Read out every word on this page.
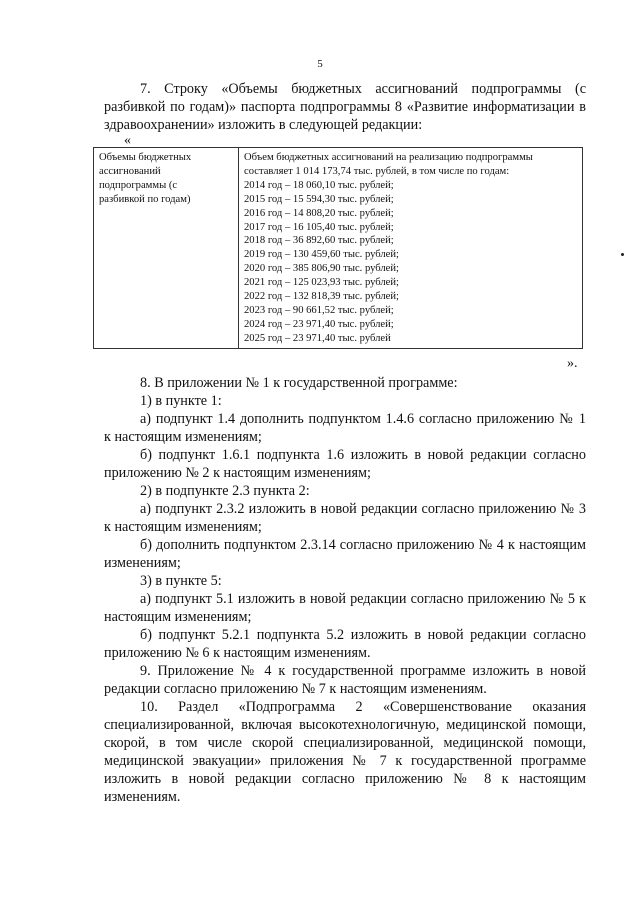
5

7. Строку «Объемы бюджетных ассигнований подпрограммы (с

разбивкой по годам)» паспорта подпрограммы 8 «Развитие информатизации в

здравоохранении» изложить в следующей редакции:

«
Объемы бюджетных
ассигнований
подпрограммы (с
разбивкой по годам)

Объем бюджетных ассигнований на реализацию подпрограммы
составляет 1 014 173,74 тыс. рублей, в том числе по годам:
2014 год – 18 060,10 тыс. рублей;
2015 год – 15 594,30 тыс. рублей;
2016 год – 14 808,20 тыс. рублей;
2017 год – 16 105,40 тыс. рублей;
2018 год – 36 892,60 тыс. рублей;
2019 год – 130 459,60 тыс. рублей;
2020 год – 385 806,90 тыс. рублей;
2021 год – 125 023,93 тыс. рублей;
2022 год – 132 818,39 тыс. рублей;
2023 год – 90 661,52 тыс. рублей;
2024 год – 23 971,40 тыс. рублей;
2025 год – 23 971,40 тыс. рублей
».

8. В приложении № 1 к государственной программе:

1) в пункте 1:

а) подпункт 1.4 дополнить подпунктом 1.4.6 согласно приложению № 1

к настоящим изменениям;

б) подпункт 1.6.1 подпункта 1.6 изложить в новой редакции согласно

приложению № 2 к настоящим изменениям;

2) в подпункте 2.3 пункта 2:

а) подпункт 2.3.2 изложить в новой редакции согласно приложению № 3

к настоящим изменениям;

б) дополнить подпунктом 2.3.14 согласно приложению № 4 к настоящим

изменениям;

3) в пункте 5:

а) подпункт 5.1 изложить в новой редакции согласно приложению № 5 к

настоящим изменениям;

б) подпункт 5.2.1 подпункта 5.2 изложить в новой редакции согласно

приложению № 6 к настоящим изменениям.

9. Приложение № 4 к государственной программе изложить в новой

редакции согласно приложению № 7 к настоящим изменениям.

10. Раздел «Подпрограмма 2 «Совершенствование оказания

специализированной, включая высокотехнологичную, медицинской помощи,

скорой, в том числе скорой специализированной, медицинской помощи,

медицинской эвакуации» приложения № 7 к государственной программе

изложить в новой редакции согласно приложению № 8 к настоящим

изменениям.
